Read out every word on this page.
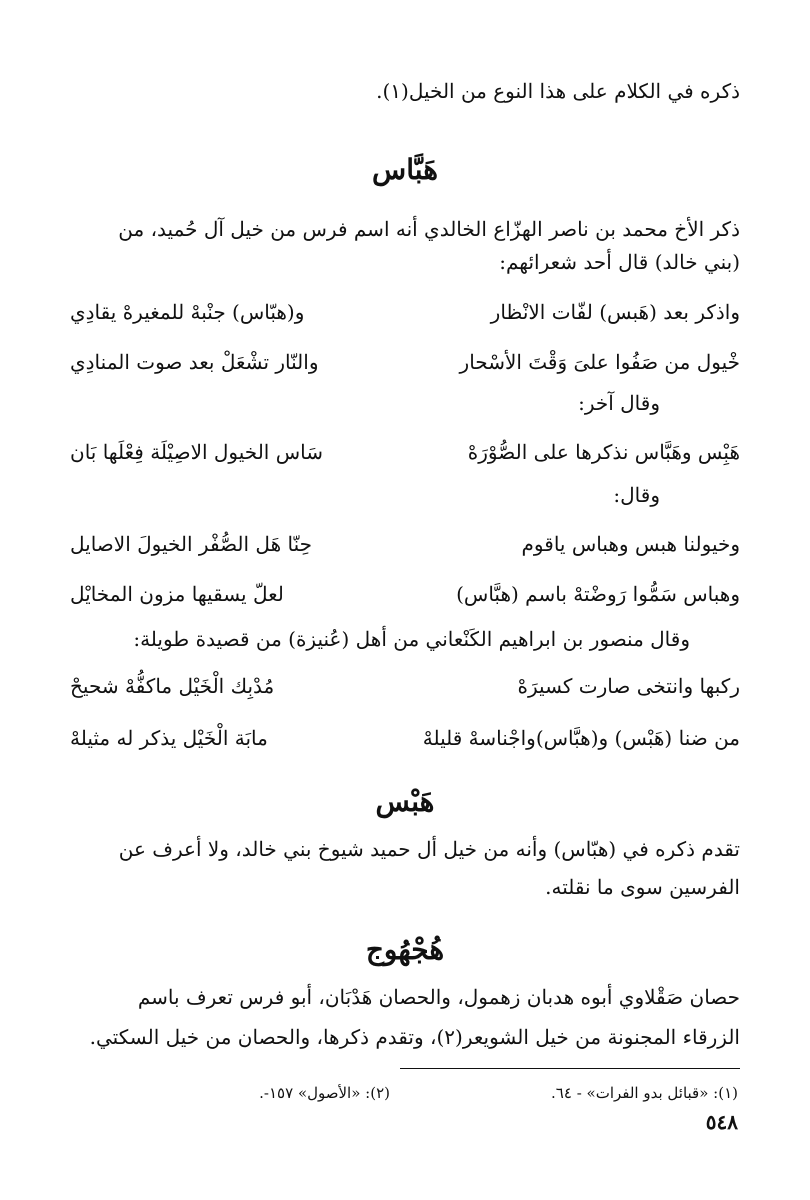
ذكره في الكلام على هذا النوع من الخيل(١).
هَبَّاس
ذكر الأخ محمد بن ناصر الهزّاع الخالدي أنه اسم فرس من خيل آل حُميد، من
(بني خالد) قال أحد شعرائهم:
واذكر بعد (هَبس) لفّات الانْظار
و(هبّاس) جنْبهْ للمغيرهْ يقادِي
خْيول من صَفُوا علىَ وَقْتَ الأسْحار
والنّار تشْعَلْ بعد صوت المنادِي
وقال آخر:
هَبِْس وهَبَّاس نذكرها على الصُّوْرَهْ
سَاس الخيول الاصِيْلَة فِعْلَها بَان
وقال:
وخيولنا هبس وهباس ياقوم
حِنّا هَل الصُّفْر الخيولَ الاصايل
وهباس سَمُّوا رَوضْتهْ باسم (هبَّاس)
لعلّ يسقيها مزون المخايْل
وقال منصور بن ابراهيم الكَنْعاني من أهل (عُنيزة) من قصيدة طويلة:
ركبها وانتخى صارت كسيرَهْ
مُدْبِك الْخَيْل ماكفُّهْ شحيحْ
من ضنا (هَبْس) و(هبَّاس)واجْناسهْ قليلهْ
مابَة الْخَيْل يذكر له مثيلهْ
هَبْس
تقدم ذكره في (هبّاس) وأنه من خيل أل حميد شيوخ بني خالد، ولا أعرف عن
الفرسين سوى ما نقلته.
هُجْهُوج
حصان صَقْلاوي أبوه هدبان زهمول، والحصان هَدْبَان، أبو فرس تعرف باسم
الزرقاء المجنونة من خيل الشويعر(٢)، وتقدم ذكرها، والحصان من خيل السكتي.
(١): «قبائل بدو الفرات» - ٦٤.
(٢): «الأصول» ١٥٧-.
٥٤٨
